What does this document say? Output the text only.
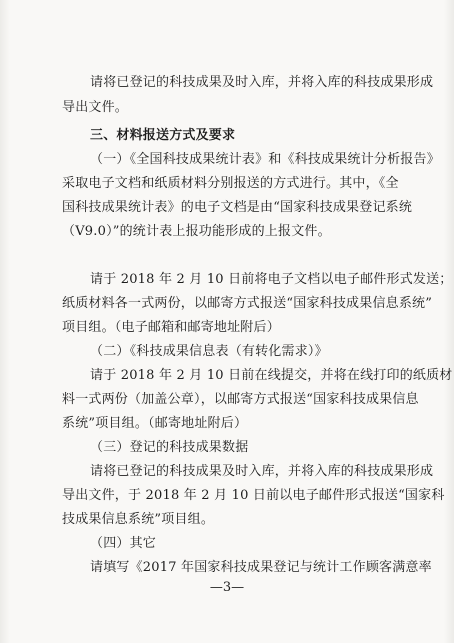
请将已登记的科技成果及时入库，并将入库的科技成果形成
导出文件。
三、材料报送方式及要求
（一）《全国科技成果统计表》和《科技成果统计分析报告》
采取电子文档和纸质材料分别报送的方式进行。其中，《全
国科技成果统计表》的电子文档是由“国家科技成果登记系统
（V9.0）”的统计表上报功能形成的上报文件。
请于 2018 年 2 月 10 日前将电子文档以电子邮件形式发送；
纸质材料各一式两份，以邮寄方式报送“国家科技成果信息系统”
项目组。（电子邮箱和邮寄地址附后）
（二）《科技成果信息表（有转化需求）》
请于 2018 年 2 月 10 日前在线提交，并将在线打印的纸质材
料一式两份（加盖公章），以邮寄方式报送“国家科技成果信息
系统”项目组。（邮寄地址附后）
（三）登记的科技成果数据
请将已登记的科技成果及时入库，并将入库的科技成果形成
导出文件，于 2018 年 2 月 10 日前以电子邮件形式报送“国家科
技成果信息系统”项目组。
（四）其它
请填写《2017 年国家科技成果登记与统计工作顾客满意率
—3—
